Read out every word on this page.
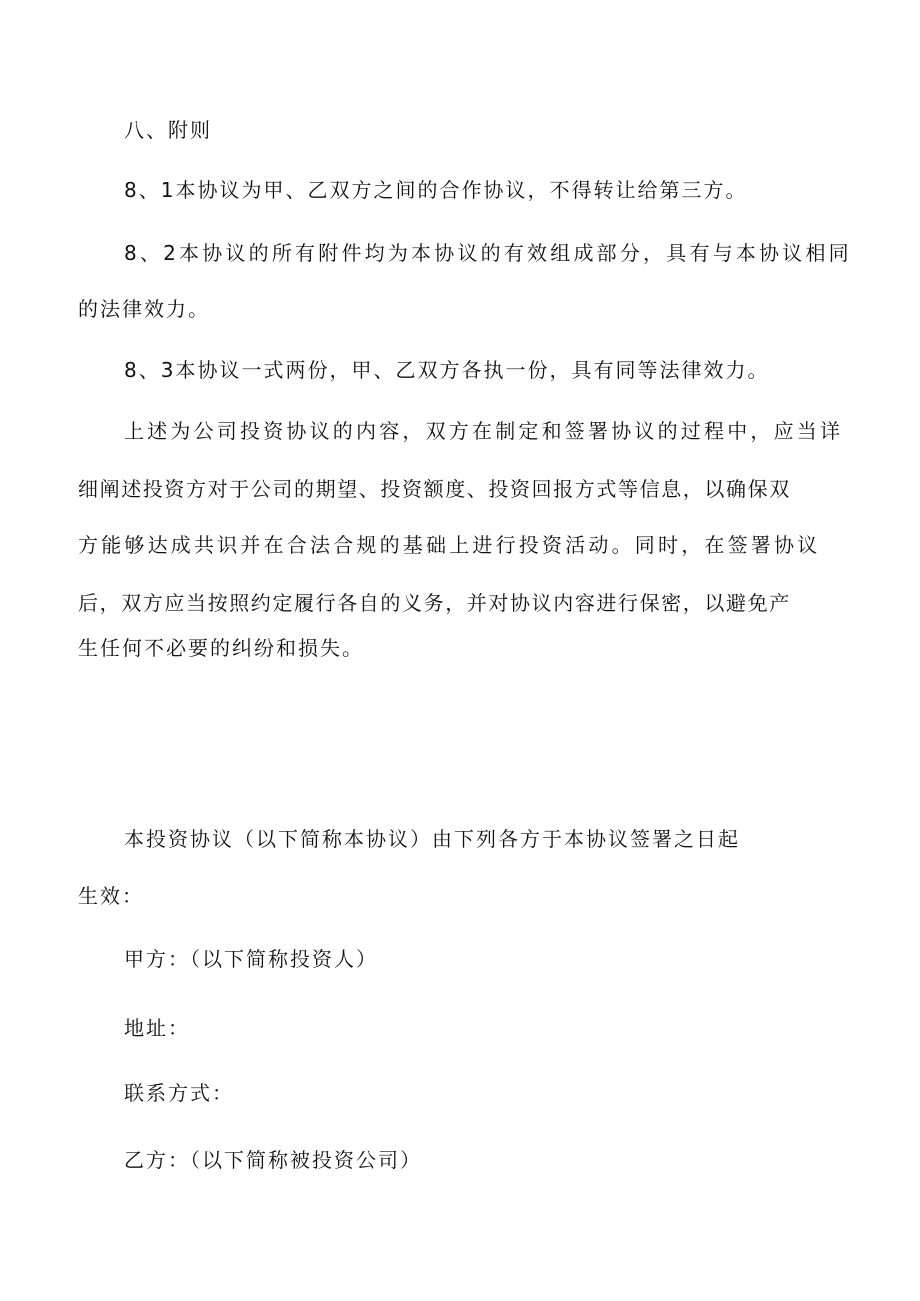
八、附则

8、1本协议为甲、乙双方之间的合作协议，不得转让给第三方。

8、2本协议的所有附件均为本协议的有效组成部分，具有与本协议相同

的法律效力。

8、3本协议一式两份，甲、乙双方各执一份，具有同等法律效力。

上述为公司投资协议的内容，双方在制定和签署协议的过程中，应当详

细阐述投资方对于公司的期望、投资额度、投资回报方式等信息，以确保双

方能够达成共识并在合法合规的基础上进行投资活动。同时，在签署协议

后，双方应当按照约定履行各自的义务，并对协议内容进行保密，以避免产

生任何不必要的纠纷和损失。

本投资协议（以下简称本协议）由下列各方于本协议签署之日起

生效：

甲方：（以下简称投资人）

地址：

联系方式：

乙方：（以下简称被投资公司）
